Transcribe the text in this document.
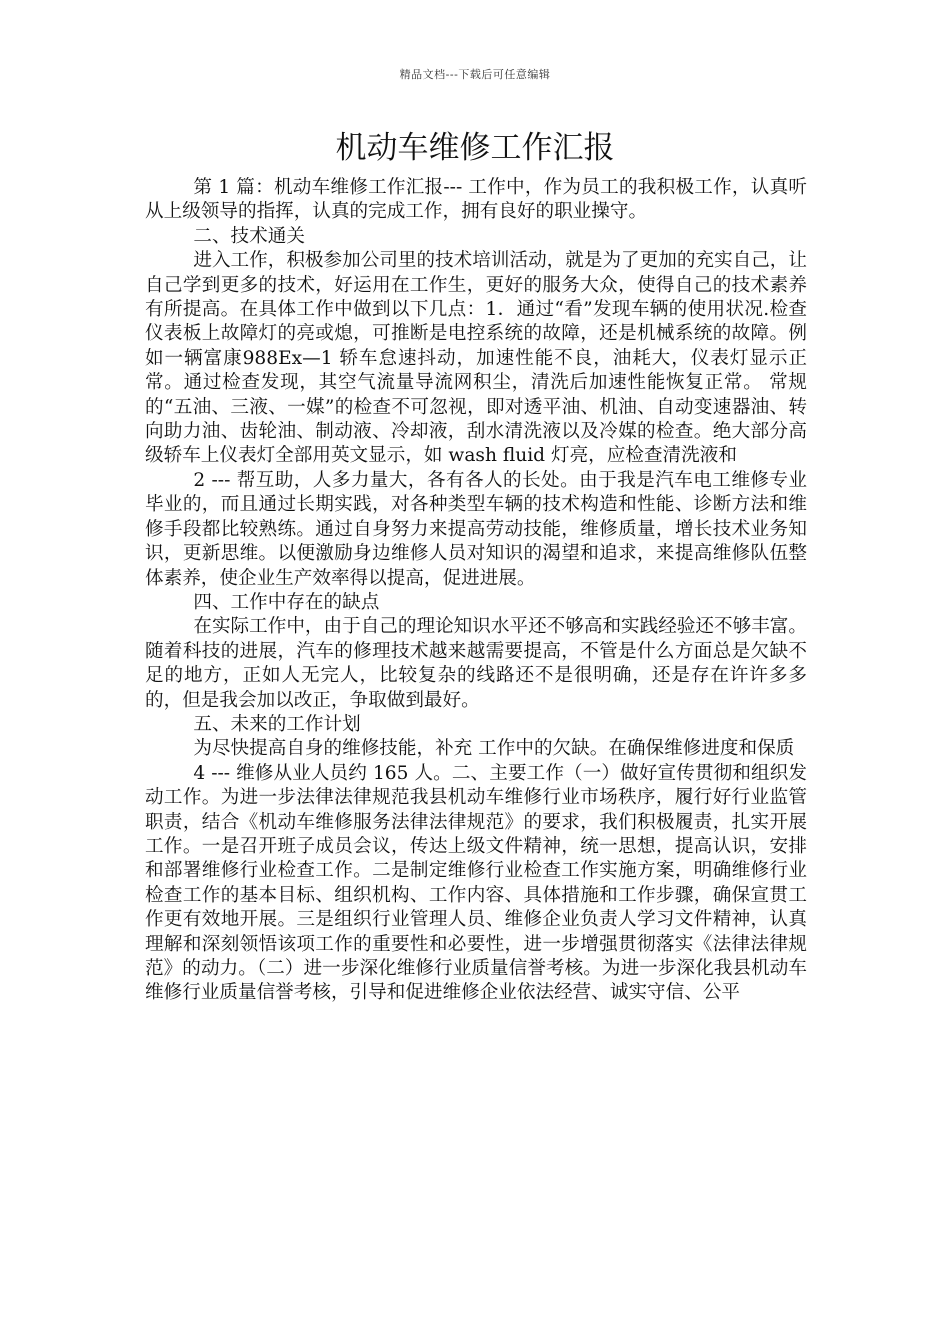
精品文档---下载后可任意编辑
机动车维修工作汇报

第 1 篇：机动车维修工作汇报--- 工作中，作为员工的我积极工作，认真听从上级领导的指挥，认真的完成工作，拥有良好的职业操守。

二、技术通关

进入工作，积极参加公司里的技术培训活动，就是为了更加的充实自己，让自己学到更多的技术，好运用在工作生，更好的服务大众，使得自己的技术素养有所提高。在具体工作中做到以下几点：1．通过“看”发现车辆的使用状况.检查仪表板上故障灯的亮或熄，可推断是电控系统的故障，还是机械系统的故障。例如一辆富康988Ex—1 轿车怠速抖动，加速性能不良，油耗大，仪表灯显示正常。通过检查发现，其空气流量导流网积尘，清洗后加速性能恢复正常。 常规的“五油、三液、一媒”的检查不可忽视，即对透平油、机油、自动变速器油、转向助力油、齿轮油、制动液、冷却液，刮水清洗液以及冷媒的检查。绝大部分高级轿车上仪表灯全部用英文显示，如 wash fluid 灯亮，应检查清洗液和

2 --- 帮互助，人多力量大，各有各人的长处。由于我是汽车电工维修专业毕业的，而且通过长期实践，对各种类型车辆的技术构造和性能、诊断方法和维修手段都比较熟练。通过自身努力来提高劳动技能，维修质量，增长技术业务知识，更新思维。以便激励身边维修人员对知识的渴望和追求，来提高维修队伍整体素养，使企业生产效率得以提高，促进进展。

四、工作中存在的缺点

在实际工作中，由于自己的理论知识水平还不够高和实践经验还不够丰富。随着科技的进展，汽车的修理技术越来越需要提高，不管是什么方面总是欠缺不足的地方，正如人无完人，比较复杂的线路还不是很明确，还是存在许许多多的，但是我会加以改正，争取做到最好。

五、未来的工作计划

为尽快提高自身的维修技能，补充 工作中的欠缺。在确保维修进度和保质

4 --- 维修从业人员约 165 人。二、主要工作（一）做好宣传贯彻和组织发动工作。为进一步法律法律规范我县机动车维修行业市场秩序，履行好行业监管职责，结合《机动车维修服务法律法律规范》的要求，我们积极履责，扎实开展工作。一是召开班子成员会议，传达上级文件精神，统一思想，提高认识，安排和部署维修行业检查工作。二是制定维修行业检查工作实施方案，明确维修行业检查工作的基本目标、组织机构、工作内容、具体措施和工作步骤，确保宣贯工作更有效地开展。三是组织行业管理人员、维修企业负责人学习文件精神，认真理解和深刻领悟该项工作的重要性和必要性，进一步增强贯彻落实《法律法律规范》的动力。（二）进一步深化维修行业质量信誉考核。为进一步深化我县机动车维修行业质量信誉考核，引导和促进维修企业依法经营、诚实守信、公平
